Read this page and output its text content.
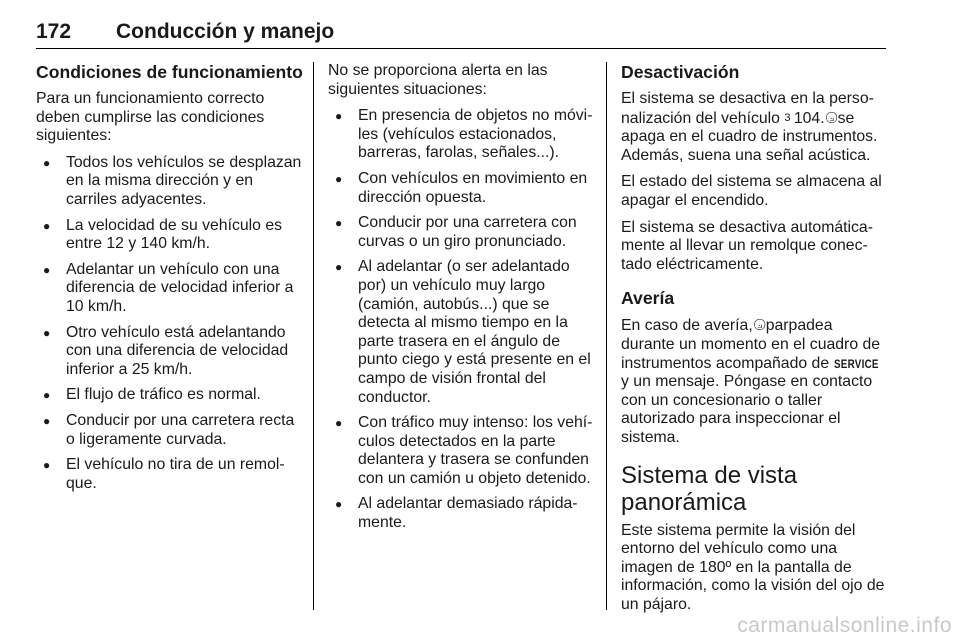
172 Conducción y manejo
Condiciones de funcionamiento

Para un funcionamiento correcto deben cumplirse las condiciones siguientes:

● Todos los vehículos se desplazan en la misma dirección y en carriles adyacentes.
● La velocidad de su vehículo es entre 12 y 140 km/h.
● Adelantar un vehículo con una diferencia de velocidad inferior a 10 km/h.
● Otro vehículo está adelantando con una diferencia de velocidad inferior a 25 km/h.
● El flujo de tráfico es normal.
● Conducir por una carretera recta o ligeramente curvada.
● El vehículo no tira de un remolque.

No se proporciona alerta en las siguientes situaciones:

● En presencia de objetos no móviles (vehículos estacionados, barreras, farolas, señales...).
● Con vehículos en movimiento en dirección opuesta.
● Conducir por una carretera con curvas o un giro pronunciado.
● Al adelantar (o ser adelantado por) un vehículo muy largo (camión, autobús...) que se detecta al mismo tiempo en la parte trasera en el ángulo de punto ciego y está presente en el campo de visión frontal del conductor.
● Con tráfico muy intenso: los vehículos detectados en la parte delantera y trasera se confunden con un camión u objeto detenido.
● Al adelantar demasiado rápidamente.
Desactivación

El sistema se desactiva en la personalización del vehículo 3 104. ⟓⃝ se apaga en el cuadro de instrumentos. Además, suena una señal acústica.

El estado del sistema se almacena al apagar el encendido.

El sistema se desactiva automáticamente al llevar un remolque conectado eléctricamente.

Avería

En caso de avería, ⟓⃝ parpadea durante un momento en el cuadro de instrumentos acompañado de SERVICE y un mensaje. Póngase en contacto con un concesionario o taller autorizado para inspeccionar el sistema.

Sistema de vista panorámica

Este sistema permite la visión del entorno del vehículo como una imagen de 180º en la pantalla de información, como la visión del ojo de un pájaro.

carmanualsonline.info
